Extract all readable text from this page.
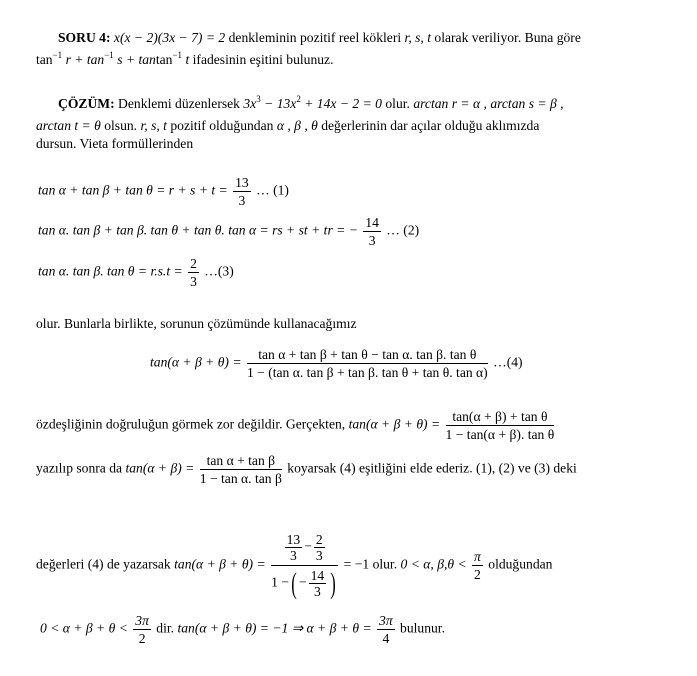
SORU 4: x(x − 2)(3x − 7) = 2 denkleminin pozitif reel kökleri r, s, t olarak veriliyor. Buna göre
$\tan^{-1} r + \tan^{-1} s + tantan^{-1}$ t ifadesinin eşitini bulunuz.
ÇÖZÜM: Denklemi düzenlersek $3x^3 - 13x^2 + 14x - 2 = 0$ olur. arctan r = α , arctan s = β ,
arctan t = θ olsun. r, s, t pozitif olduğundan α , β , θ değerlerinin dar açılar olduğu aklımızda
dursun. Vieta formüllerinden
$\tan \alpha + \tan \beta + \tan \theta = r + s + t = \frac{13}{3}$ … (1)
tan α. tan β + tan β. tan θ + tan θ. tan α = rs + st + tr = − $\frac{14}{3}$ … (2)
tan α. tan β. $\tan \theta = r.s.t = \frac{2}{3}$ …(3)
olur. Bunlarla birlikte, sorunun çözümünde kullanacağımız
$\tan(\alpha + \beta + \theta) = \frac{\text{tan α + tan β + tan θ − tan α. tan β. tan θ}}{\text{1 − (tan α. tan β + tan β. tan θ + tan θ. tan α)}}$ …(4)
özdeşliğinin doğruluğun görmek zor değildir. Gerçekten, $\tan(\alpha + \beta + \theta) = \frac{\text{tan(α + β) + tan θ}}{\text{1 − tan(α + β). tan θ}}$
yazılıp sonra da $\tan(\alpha + \beta) = \frac{\text{tan α + tan β}}{\text{1 − tan α. tan β}}$ koyarsak (4) eşitliğini elde ederiz. (1), (2) ve (3) deki
değerleri (4) de yazarsak $\tan(\alpha + \beta + \theta) = \frac{\frac{13}{3} - \frac{2}{3}}{1 -( - \frac{14}{3} )} = -1$ olur. 0 < α, $\beta,\theta < \frac{\pi}{2}$ olduğundan
$0 < \alpha + \beta + \theta < \frac{3\pi}{2}$ dir. tan(α + β + θ) = −1 ⇒ $\alpha + \beta + \theta = \frac{3\pi}{4}$ bulunur.
